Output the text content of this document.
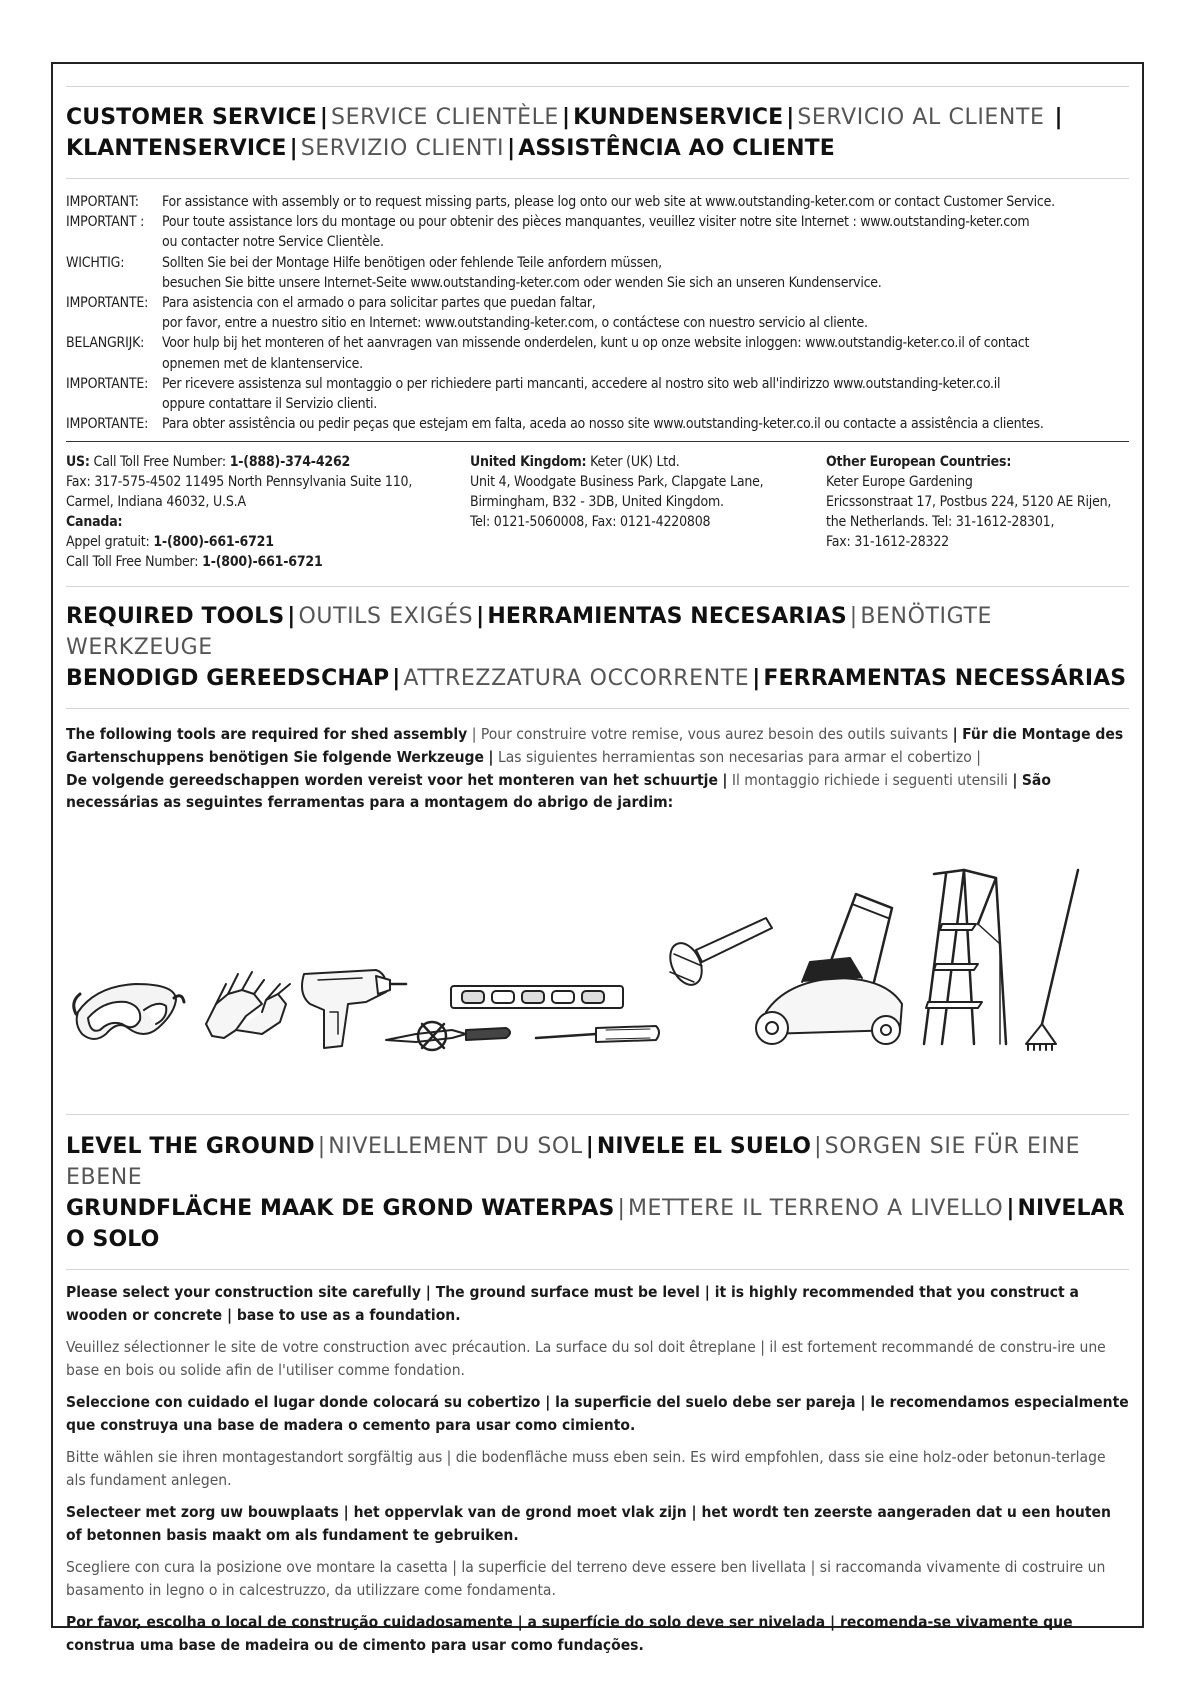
CUSTOMER SERVICE | SERVICE CLIENTÈLE | KUNDENSERVICE | SERVICIO AL CLIENTE |
KLANTENSERVICE | SERVIZIO CLIENTI | ASSISTÊNCIA AO CLIENTE
IMPORTANT:	For assistance with assembly or to request missing parts, please log onto our web site at www.outstanding-keter.com or contact Customer Service.
IMPORTANT :	Pour toute assistance lors du montage ou pour obtenir des pièces manquantes, veuillez visiter notre site Internet : www.outstanding-keter.com
ou contacter notre Service Clientèle.
WICHTIG:	Sollten Sie bei der Montage Hilfe benötigen oder fehlende Teile anfordern müssen,
besuchen Sie bitte unsere Internet-Seite www.outstanding-keter.com oder wenden Sie sich an unseren Kundenservice.
IMPORTANTE: Para asistencia con el armado o para solicitar partes que puedan faltar,
por favor, entre a nuestro sitio en Internet: www.outstanding-keter.com, o contáctese con nuestro servicio al cliente.
BELANGRIJK:	Voor hulp bij het monteren of het aanvragen van missende onderdelen, kunt u op onze website inloggen: www.outstandig-keter.co.il of contact
opnemen met de klantenservice.
IMPORTANTE: Per ricevere assistenza sul montaggio o per richiedere parti mancanti, accedere al nostro sito web all'indirizzo www.outstanding-keter.co.il
oppure contattare il Servizio clienti.
IMPORTANTE: Para obter assistência ou pedir peças que estejam em falta, aceda ao nosso site www.outstanding-keter.co.il ou contacte a assistência a clientes.
US: Call Toll Free Number: 1-(888)-374-4262
Fax: 317-575-4502 11495 North Pennsylvania Suite 110,
Carmel, Indiana 46032, U.S.A
Canada:
Appel gratuit: 1-(800)-661-6721
Call Toll Free Number: 1-(800)-661-6721
United Kingdom: Keter (UK) Ltd.
Unit 4, Woodgate Business Park, Clapgate Lane,
Birmingham, B32 - 3DB, United Kingdom.
Tel: 0121-5060008, Fax: 0121-4220808
Other European Countries:
Keter Europe Gardening
Ericssonstraat 17, Postbus 224, 5120 AE Rijen,
the Netherlands. Tel: 31-1612-28301,
Fax: 31-1612-28322
REQUIRED TOOLS | OUTILS EXIGÉS | HERRAMIENTAS NECESARIAS | BENÖTIGTE WERKZEUGE
BENODIGD GEREEDSCHAP | ATTREZZATURA OCCORRENTE | FERRAMENTAS NECESSÁRIAS
The following tools are required for shed assembly | Pour construire votre remise, vous aurez besoin des outils suivants | Für die Montage des Gartenschuppens benötigen Sie folgende Werkzeuge | Las siguientes herramientas son necesarias para armar el cobertizo |
De volgende gereedschappen worden vereist voor het monteren van het schuurtje | Il montaggio richiede i seguenti utensili | São necessárias as seguintes ferramentas para a montagem do abrigo de jardim:
LEVEL THE GROUND | NIVELLEMENT DU SOL | NIVELE EL SUELO | SORGEN SIE FÜR EINE EBENE
GRUNDFLÄCHE MAAK DE GROND WATERPAS | METTERE IL TERRENO A LIVELLO | NIVELAR O SOLO

Please select your construction site carefully | The ground surface must be level | it is highly recommended that you construct a wooden or concrete | base to use as a foundation.

Veuillez sélectionner le site de votre construction avec précaution. La surface du sol doit êtreplane | il est fortement recommandé de constru-ire une base en bois ou solide afin de l'utiliser comme fondation.

Seleccione con cuidado el lugar donde colocará su cobertizo | la superficie del suelo debe ser pareja | le recomendamos especialmente que construya una base de madera o cemento para usar como cimiento.

Bitte wählen sie ihren montagestandort sorgfältig aus | die bodenfläche muss eben sein. Es wird empfohlen, dass sie eine holz-oder betonun-terlage als fundament anlegen.

Selecteer met zorg uw bouwplaats | het oppervlak van de grond moet vlak zijn | het wordt ten zeerste aangeraden dat u een houten of betonnen basis maakt om als fundament te gebruiken.

Scegliere con cura la posizione ove montare la casetta | la superficie del terreno deve essere ben livellata | si raccomanda vivamente di costruire un basamento in legno o in calcestruzzo, da utilizzare come fondamenta.

Por favor, escolha o local de construção cuidadosamente | a superfície do solo deve ser nivelada | recomenda-se vivamente que construa uma base de madeira ou de cimento para usar como fundações.
